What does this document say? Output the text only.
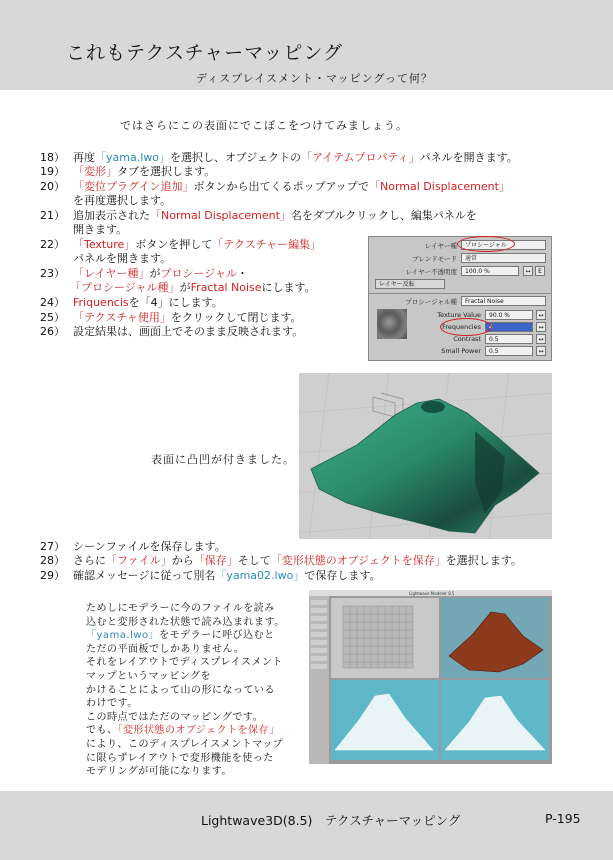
これもテクスチャーマッピング
ディスプレイスメント・マッピングって何？
ではさらにこの表面にでこぼこをつけてみましょう。
18） 再度「yama.lwo」を選択し、オブジェクトの「アイテムプロパティ」パネルを開きます。
19） 「変形」タブを選択します。
20） 「変位プラグイン追加」ボタンから出てくるポップアップで「Normal Displacement」
21） 追加表示された「Normal Displacement」名をダブルクリックし、編集パネルを
22） 「Texture」ボタンを押して「テクスチャー編集」
23） 「レイヤー種」がプロシージャル・
24） Friquencisを「4」にします。
25） 「テクスチャ使用」をクリックして閉じます。
26） 設定結果は、画面上でそのまま反映されます。
を再度選択します。
開きます。
パネルを開きます。
「プロシージャル種」がFractal Noiseにします。
レイヤー種	プロシージャル
ブレンドモード	通常
レイヤー不透明度	100.0 %	↔	E
レイヤー反転
プロシージャル種	Fractal Noise
Texture Value	90.0 %	↔
Frequencies	4	↔
Contrast	0.5	↔
Small Power	0.5	↔
表面に凸凹が付きました。
27） シーンファイルを保存します。
28） さらに「ファイル」から「保存」そして「変形状態のオブジェクトを保存」を選択します。
29） 確認メッセージに従って別名「yama02.lwo」で保存します。
ためしにモデラーに今のファイルを読み
込むと変形された状態で読み込まれます。
「yama.lwo」をモデラーに呼び込むと
ただの平面板でしかありません。
それをレイアウトでディスプレイスメント
マップというマッピングを
かけることによって山の形になっている
わけです。
この時点ではただのマッピングです。
でも、「変形状態のオブジェクトを保存」
により、このディスプレイスメントマップ
に限らずレイアウトで変形機能を使った
モデリングが可能になります。
Lightwave Modeler 8.5
Lightwave3D(8.5)　テクスチャーマッピング	P-195
